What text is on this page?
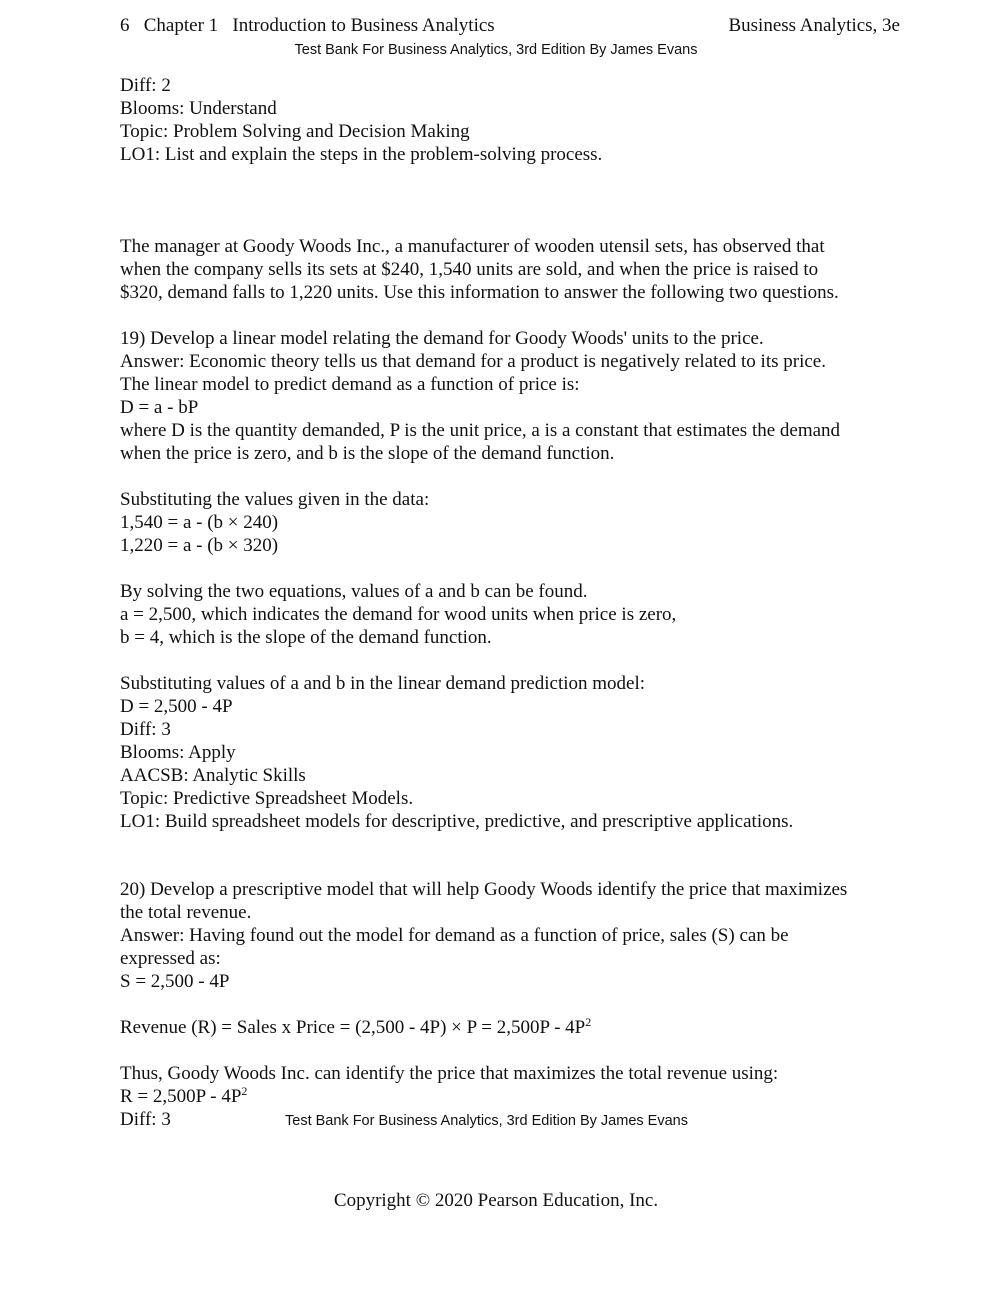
6 Chapter 1 Introduction to Business Analytics	Business Analytics, 3e
Test Bank For Business Analytics, 3rd Edition By James Evans
Diff: 2
Blooms: Understand
Topic: Problem Solving and Decision Making
LO1: List and explain the steps in the problem-solving process.
The manager at Goody Woods Inc., a manufacturer of wooden utensil sets, has observed that
when the company sells its sets at $240, 1,540 units are sold, and when the price is raised to
$320, demand falls to 1,220 units. Use this information to answer the following two questions.
19) Develop a linear model relating the demand for Goody Woods' units to the price.
Answer: Economic theory tells us that demand for a product is negatively related to its price.
The linear model to predict demand as a function of price is:
D = a - bP
where D is the quantity demanded, P is the unit price, a is a constant that estimates the demand
when the price is zero, and b is the slope of the demand function.
Substituting the values given in the data:
1,540 = a - (b × 240)
1,220 = a - (b × 320)
By solving the two equations, values of a and b can be found.
a = 2,500, which indicates the demand for wood units when price is zero,
b = 4, which is the slope of the demand function.
Substituting values of a and b in the linear demand prediction model:
D = 2,500 - 4P
Diff: 3
Blooms: Apply
AACSB: Analytic Skills
Topic: Predictive Spreadsheet Models.
LO1: Build spreadsheet models for descriptive, predictive, and prescriptive applications.
20) Develop a prescriptive model that will help Goody Woods identify the price that maximizes
the total revenue.
Answer: Having found out the model for demand as a function of price, sales (S) can be
expressed as:
S = 2,500 - 4P
Revenue (R) = Sales x Price = $(2,500 - 4P) \times P = 2,500P - 4P^2$
Thus, Goody Woods Inc. can identify the price that maximizes the total revenue using:
$R = 2,500P - 4P^2$
Diff: 3	Test Bank For Business Analytics, 3rd Edition By James Evans
Copyright © 2020 Pearson Education, Inc.
